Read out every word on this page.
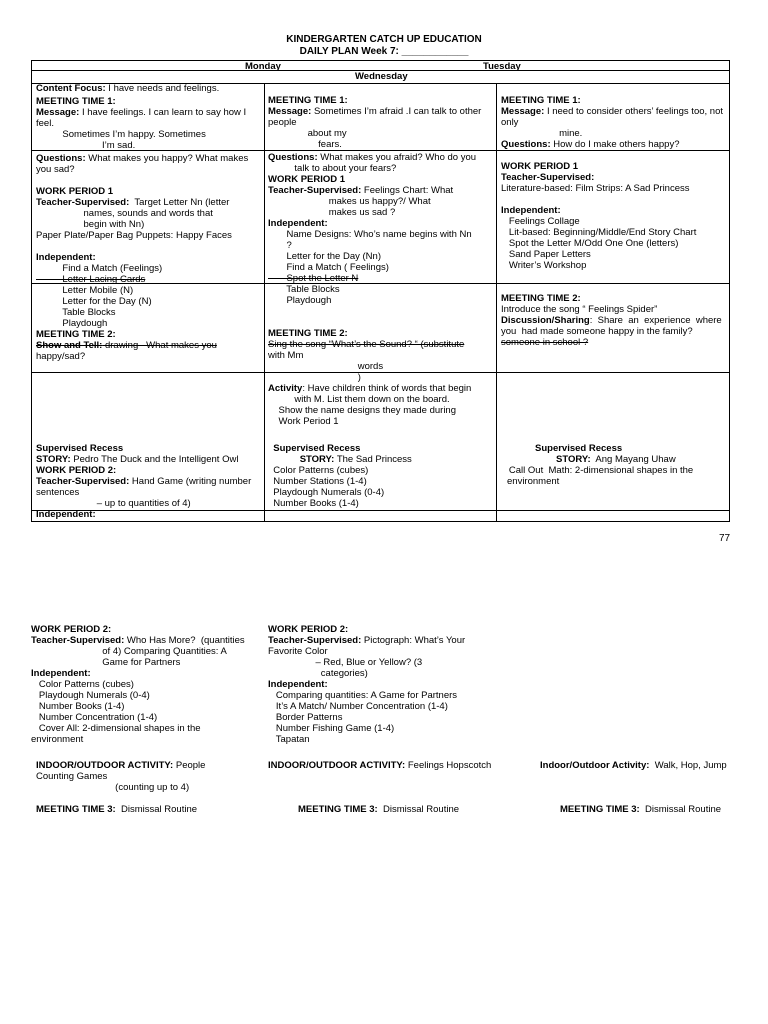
KINDERGARTEN CATCH UP EDUCATION
DAILY PLAN Week 7: ____________
Monday	Tuesday
Wednesday
Content Focus: I have needs and feelings.
MEETING TIME 1:
Message: I have feelings. I can learn to say how I
feel.
Sometimes I’m happy. Sometimes
I’m sad.
Questions: What makes you happy? What makes
you sad?
WORK PERIOD 1
Teacher-Supervised:  Target Letter Nn (letter
names, sounds and words that
begin with Nn)
Paper Plate/Paper Bag Puppets: Happy Faces
Independent:
Find a Match (Feelings)
Letter Lacing Cards
Letter Mobile (N)
Letter for the Day (N)
Table Blocks
Playdough
MEETING TIME 2:
Show and Tell: drawing   What makes you
happy/sad?
Supervised Recess
STORY: Pedro The Duck and the Intelligent Owl
WORK PERIOD 2:
Teacher-Supervised: Hand Game (writing number
sentences
– up to quantities of 4)
Independent:
MEETING TIME 1:
Message: Sometimes I’m afraid .I can talk to other
people
about my
fears.
Questions: What makes you afraid? Who do you
talk to about your fears?
WORK PERIOD 1
Teacher-Supervised: Feelings Chart: What
makes us happy?/ What
makes us sad ?
Independent:
Name Designs: Who’s name begins with Nn
?
Letter for the Day (Nn)
Find a Match ( Feelings)
Spot the Letter N
Table Blocks
Playdough
MEETING TIME 2:
Sing the song “What’s the Sound? “ (substitute
with Mm
words
)
Activity: Have children think of words that begin
with M. List them down on the board.
Show the name designs they made during
Work Period 1
Supervised Recess
STORY: The Sad Princess
Color Patterns (cubes)
Number Stations (1-4)
Playdough Numerals (0-4)
Number Books (1-4)
MEETING TIME 1:
Message: I need to consider others’ feelings too, not
only
mine.
Questions: How do I make others happy?
WORK PERIOD 1
Teacher-Supervised:
Literature-based: Film Strips: A Sad Princess
Independent:
Feelings Collage
Lit-based: Beginning/Middle/End Story Chart
Spot the Letter M/Odd One One (letters)
Sand Paper Letters
Writer’s Workshop
MEETING TIME 2:
Introduce the song “ Feelings Spider”
Discussion/Sharing:  Share  an  experience  where
you  had made someone happy in the family?
someone in school ?
Supervised Recess
STORY:  Ang Mayang Uhaw
Call Out  Math: 2-dimensional shapes in the
environment
77
WORK PERIOD 2:
Teacher-Supervised: Who Has More?  (quantities
of 4) Comparing Quantities: A
Game for Partners
Independent:
Color Patterns (cubes)
Playdough Numerals (0-4)
Number Books (1-4)
Number Concentration (1-4)
Cover All: 2-dimensional shapes in the
environment
INDOOR/OUTDOOR ACTIVITY: People
Counting Games
(counting up to 4)
MEETING TIME 3:  Dismissal Routine
WORK PERIOD 2:
Teacher-Supervised: Pictograph: What’s Your
Favorite Color
– Red, Blue or Yellow? (3
categories)
Independent:
Comparing quantities: A Game for Partners
It’s A Match/ Number Concentration (1-4)
Border Patterns
Number Fishing Game (1-4)
Tapatan
INDOOR/OUTDOOR ACTIVITY: Feelings Hopscotch
MEETING TIME 3:  Dismissal Routine
Indoor/Outdoor Activity:  Walk, Hop, Jump
MEETING TIME 3:  Dismissal Routine
